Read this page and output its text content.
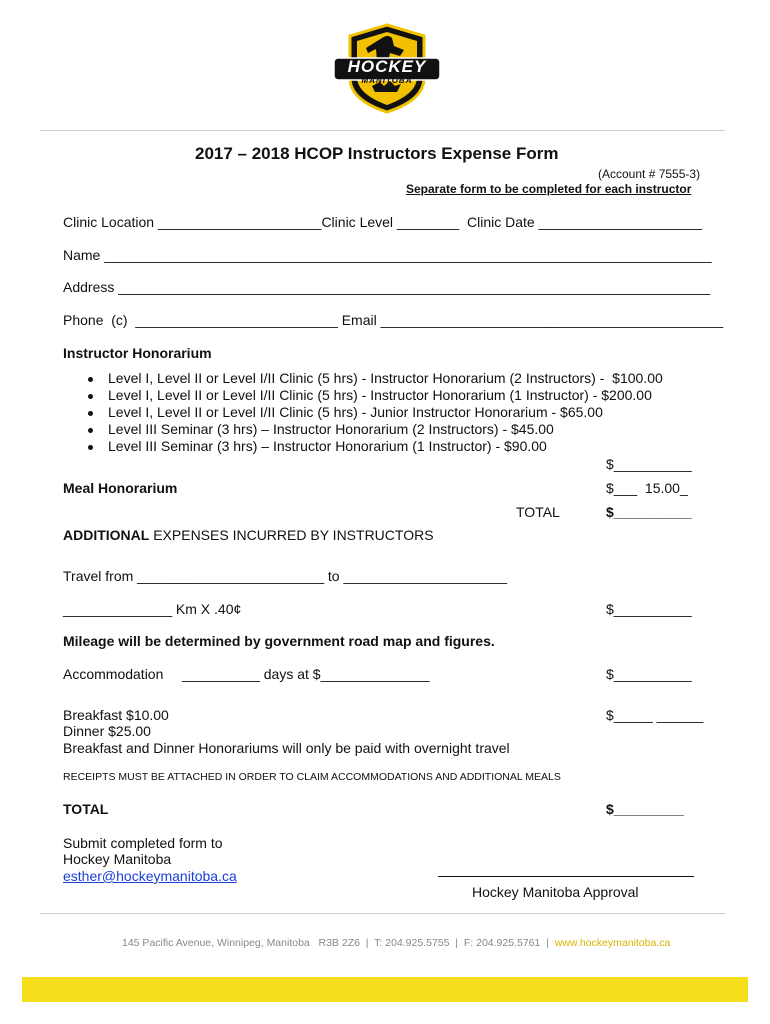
HOCKEY
MANITOBA
2017 – 2018 HCOP Instructors Expense Form
(Account # 7555-3)
Separate form to be completed for each instructor
Clinic Location _____________________Clinic Level ________  Clinic Date _____________________
Name ______________________________________________________________________________
Address ____________________________________________________________________________
Phone  (c)  __________________________ Email ____________________________________________
Instructor Honorarium
Level I, Level II or Level I/II Clinic (5 hrs) - Instructor Honorarium (2 Instructors) -  $100.00
Level I, Level II or Level I/II Clinic (5 hrs) - Instructor Honorarium (1 Instructor) - $200.00
Level I, Level II or Level I/II Clinic (5 hrs) - Junior Instructor Honorarium - $65.00
Level III Seminar (3 hrs) – Instructor Honorarium (2 Instructors) - $45.00
Level III Seminar (3 hrs) – Instructor Honorarium (1 Instructor) - $90.00
$__________
Meal Honorarium	$___  15.00_
TOTAL	$__________
ADDITIONAL EXPENSES INCURRED BY INSTRUCTORS
Travel from ________________________ to _____________________
______________ Km X .40¢	$__________
Mileage will be determined by government road map and figures.
Accommodation __________ days at $______________	$__________
Breakfast $10.00	$_____ ______
Dinner $25.00
Breakfast and Dinner Honorariums will only be paid with overnight travel
RECEIPTS MUST BE ATTACHED IN ORDER TO CLAIM ACCOMMODATIONS AND ADDITIONAL MEALS
TOTAL	$_________
Submit completed form to
Hockey Manitoba
esther@hockeymanitoba.ca
Hockey Manitoba Approval
145 Pacific Avenue, Winnipeg, Manitoba   R3B 2Z6  |  T: 204.925.5755  |  F: 204.925.5761  |  www.hockeymanitoba.ca
